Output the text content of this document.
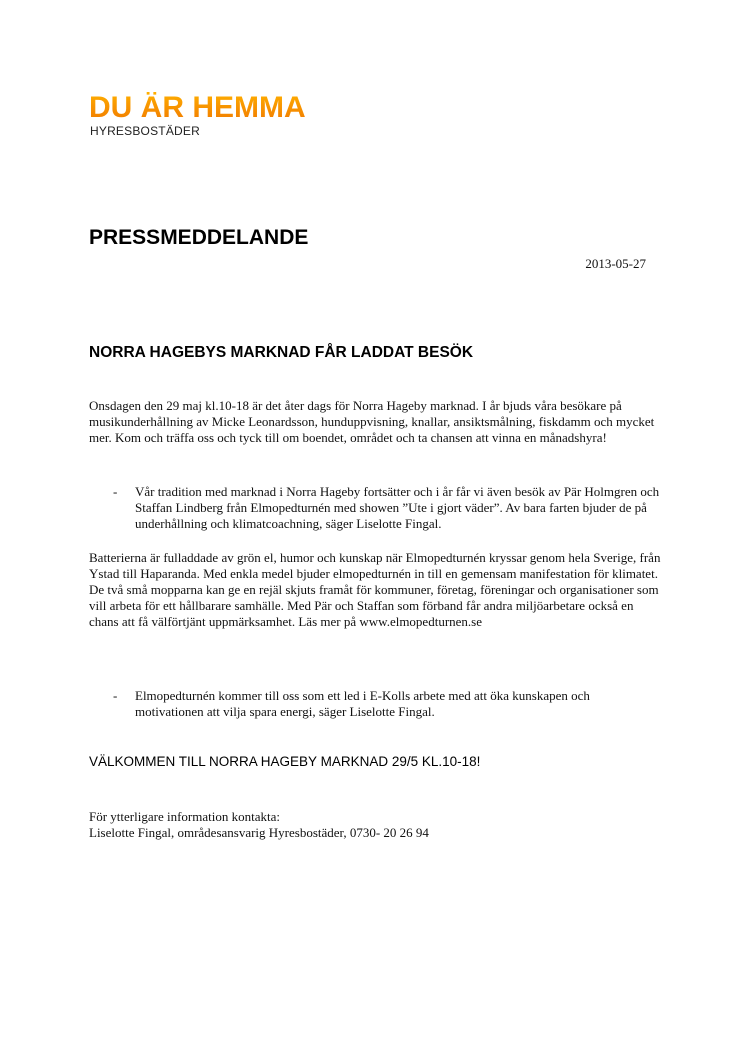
DU ÄR HEMMA
HYRESBOSTÄDER
PRESSMEDDELANDE
2013-05-27
NORRA HAGEBYS MARKNAD FÅR LADDAT BESÖK

Onsdagen den 29 maj kl.10-18 är det åter dags för Norra Hageby marknad. I år bjuds våra besökare på musikunderhållning av Micke Leonardsson, hunduppvisning, knallar, ansiktsmålning, fiskdamm och mycket mer. Kom och träffa oss och tyck till om boendet, området och ta chansen att vinna en månadshyra!

- Vår tradition med marknad i Norra Hageby fortsätter och i år får vi även besök av Pär Holmgren och Staffan Lindberg från Elmopedturnén med showen ”Ute i gjort väder”. Av bara farten bjuder de på underhållning och klimatcoachning, säger Liselotte Fingal.

Batterierna är fulladdade av grön el, humor och kunskap när Elmopedturnén kryssar genom hela Sverige, från Ystad till Haparanda. Med enkla medel bjuder elmopedturnén in till en gemensam manifestation för klimatet. De två små mopparna kan ge en rejäl skjuts framåt för kommuner, företag, föreningar och organisationer som vill arbeta för ett hållbarare samhälle. Med Pär och Staffan som förband får andra miljöarbetare också en chans att få välförtjänt uppmärksamhet. Läs mer på www.elmopedturnen.se

- Elmopedturnén kommer till oss som ett led i E-Kolls arbete med att öka kunskapen och motivationen att vilja spara energi, säger Liselotte Fingal.
VÄLKOMMEN TILL NORRA HAGEBY MARKNAD 29/5 KL.10-18!
För ytterligare information kontakta:
Liselotte Fingal, områdesansvarig Hyresbostäder, 0730- 20 26 94
